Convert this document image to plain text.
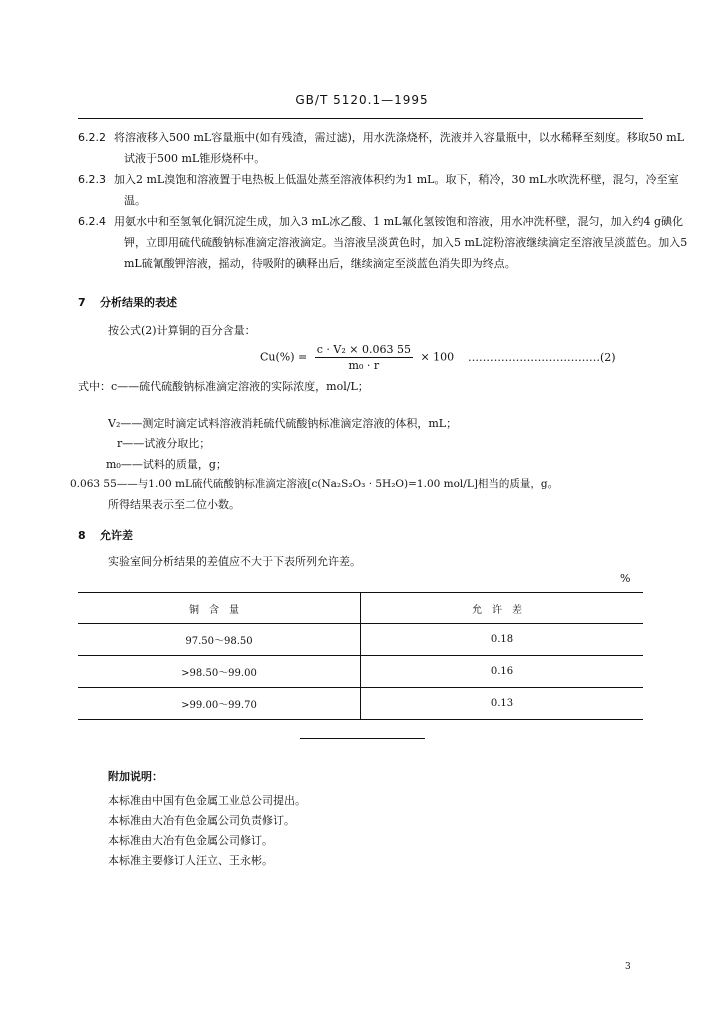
GB/T 5120.1—1995
6.2.2 将溶液移入500 mL容量瓶中(如有残渣，需过滤)，用水洗涤烧杯，洗液并入容量瓶中，以水稀释至刻度。移取50 mL试液于500 mL锥形烧杯中。
6.2.3 加入2 mL溴饱和溶液置于电热板上低温处蒸至溶液体积约为1 mL。取下，稍冷，30 mL水吹洗杯壁，混匀，冷至室温。
6.2.4 用氨水中和至氢氧化铜沉淀生成，加入3 mL冰乙酸、1 mL氟化氢铵饱和溶液，用水冲洗杯壁，混匀，加入约4 g碘化钾，立即用硫代硫酸钠标准滴定溶液滴定。当溶液呈淡黄色时，加入5 mL淀粉溶液继续滴定至溶液呈淡蓝色。加入5 mL硫氰酸钾溶液，摇动，待吸附的碘释出后，继续滴定至淡蓝色消失即为终点。
7 分析结果的表述
按公式(2)计算铜的百分含量：
$Cu(\%) = \frac{\text{c · V₂ × 0.063 55}}{\text{m₀ · r}} \times 100$ ………………………………(2)
式中：c——硫代硫酸钠标准滴定溶液的实际浓度，mol/L；
V₂——测定时滴定试料溶液消耗硫代硫酸钠标准滴定溶液的体积，mL；
r——试液分取比；
m₀——试料的质量，g；
0.063 55——与1.00 mL硫代硫酸钠标准滴定溶液[c(Na₂S₂O₃ · 5H₂O)=1.00 mol/L]相当的质量，g。
所得结果表示至二位小数。
8 允许差
实验室间分析结果的差值应不大于下表所列允许差。
%
铜含量	允许差
97.50～98.50	0.18
>98.50～99.00	0.16
>99.00～99.70	0.13
附加说明：
本标准由中国有色金属工业总公司提出。
本标准由大冶有色金属公司负责修订。
本标准由大冶有色金属公司修订。
本标准主要修订人汪立、王永彬。
3
